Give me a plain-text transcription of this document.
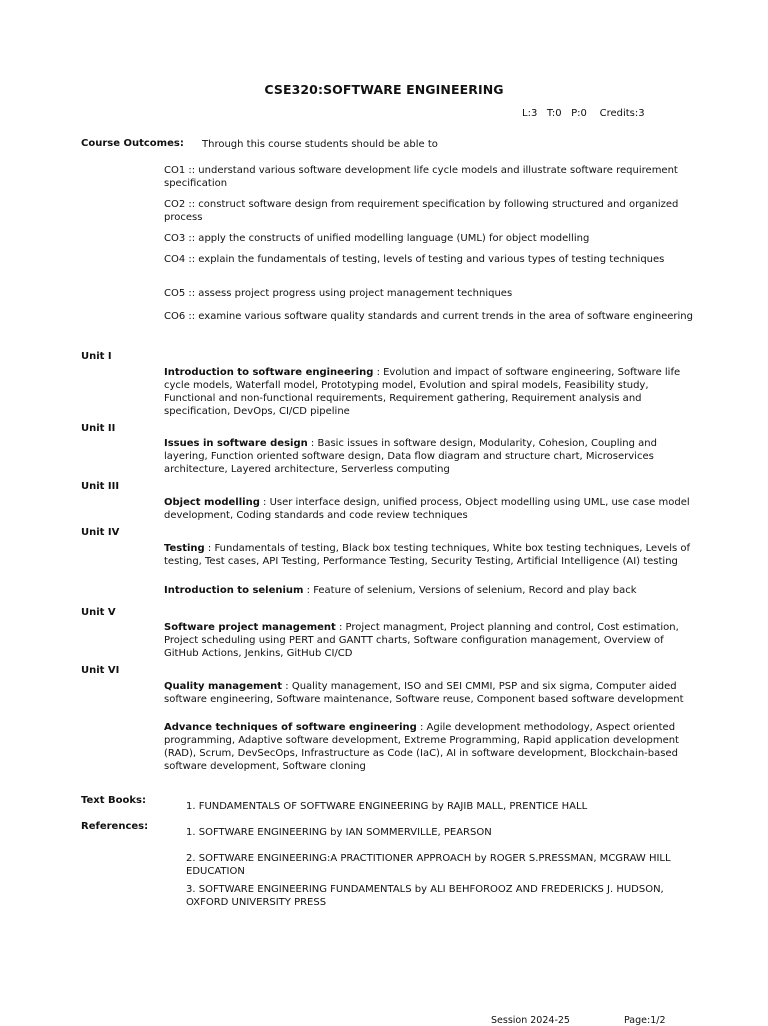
CSE320:SOFTWARE ENGINEERING
L:3   T:0   P:0    Credits:3
Course Outcomes: Through this course students should be able to
CO1 :: understand various software development life cycle models and illustrate software requirement specification
CO2 :: construct software design from requirement specification by following structured and organized process
CO3 :: apply the constructs of unified modelling language (UML) for object modelling
CO4 :: explain the fundamentals of testing, levels of testing and various types of testing techniques
CO5 :: assess project progress using project management techniques
CO6 :: examine various software quality standards and current trends in the area of software engineering
Unit I
Introduction to software engineering : Evolution and impact of software engineering, Software life cycle models, Waterfall model, Prototyping model, Evolution and spiral models, Feasibility study, Functional and non-functional requirements, Requirement gathering, Requirement analysis and specification, DevOps, CI/CD pipeline
Unit II
Issues in software design : Basic issues in software design, Modularity, Cohesion, Coupling and layering, Function oriented software design, Data flow diagram and structure chart, Microservices architecture, Layered architecture, Serverless computing
Unit III
Object modelling : User interface design, unified process, Object modelling using UML, use case model development, Coding standards and code review techniques
Unit IV
Testing : Fundamentals of testing, Black box testing techniques, White box testing techniques, Levels of testing, Test cases, API Testing, Performance Testing, Security Testing, Artificial Intelligence (AI) testing
Introduction to selenium : Feature of selenium, Versions of selenium, Record and play back
Unit V
Software project management : Project managment, Project planning and control, Cost estimation, Project scheduling using PERT and GANTT charts, Software configuration management, Overview of GitHub Actions, Jenkins, GitHub CI/CD
Unit VI
Quality management : Quality management, ISO and SEI CMMI, PSP and six sigma, Computer aided software engineering, Software maintenance, Software reuse, Component based software development
Advance techniques of software engineering : Agile development methodology, Aspect oriented programming, Adaptive software development, Extreme Programming, Rapid application development (RAD), Scrum, DevSecOps, Infrastructure as Code (IaC), AI in software development, Blockchain-based software development, Software cloning
Text Books:
1. FUNDAMENTALS OF SOFTWARE ENGINEERING by RAJIB MALL, PRENTICE HALL
References:
1. SOFTWARE ENGINEERING by IAN SOMMERVILLE, PEARSON
2. SOFTWARE ENGINEERING:A PRACTITIONER APPROACH by ROGER S.PRESSMAN, MCGRAW HILL EDUCATION
3. SOFTWARE ENGINEERING FUNDAMENTALS by ALI BEHFOROOZ AND FREDERICKS J. HUDSON, OXFORD UNIVERSITY PRESS
Session 2024-25	Page:1/2
